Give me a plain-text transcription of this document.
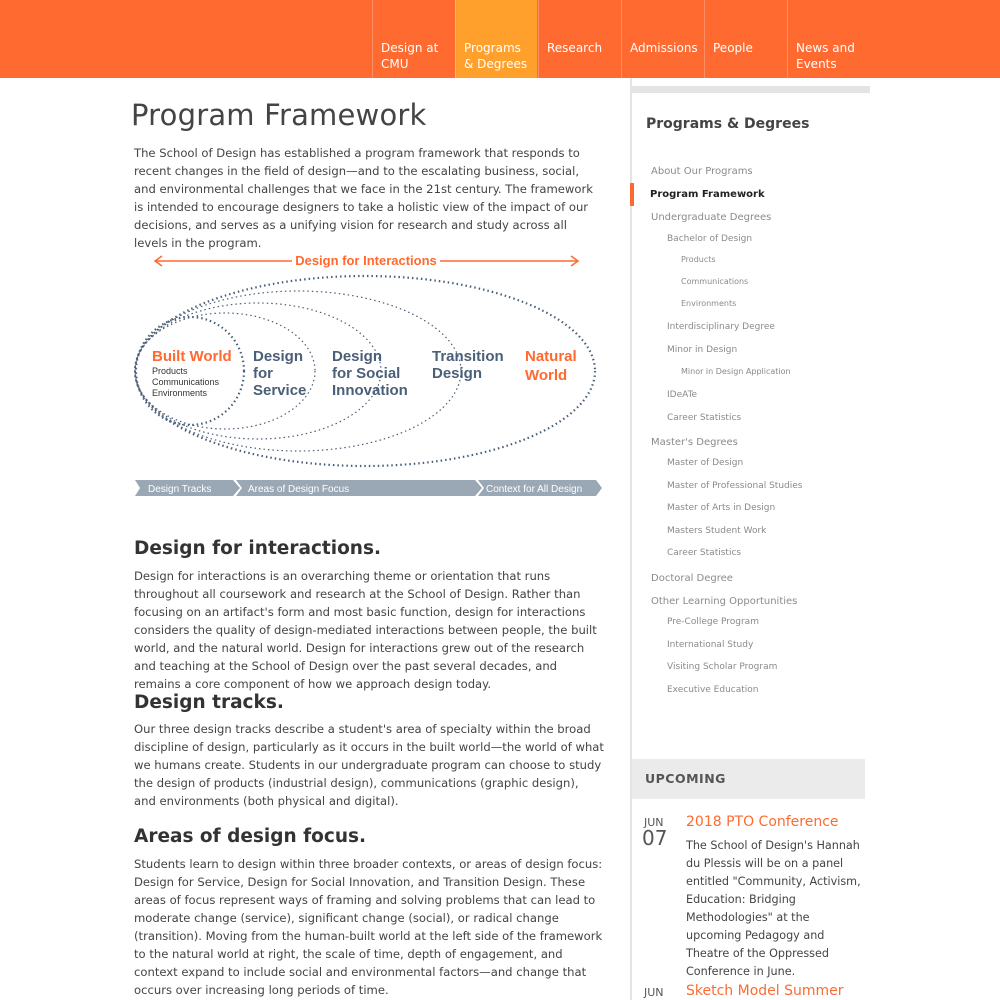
Design at CMU
Programs & Degrees
Research	Admissions	People	News and Events
Program Framework

The School of Design has established a program framework that responds to recent changes in the field of design—and to the escalating business, social, and environmental challenges that we face in the 21st century. The framework is intended to encourage designers to take a holistic view of the impact of our decisions, and serves as a unifying vision for research and study across all levels in the program.

Design for Interactions
Built World
Products
Communications
Environments
Design
for
Service
Design
for Social
Innovation
Transition
Design
Natural
World
Design Tracks	Areas of Design Focus	Context for All Design
Design for interactions.

Design for interactions is an overarching theme or orientation that runs throughout all coursework and research at the School of Design. Rather than focusing on an artifact's form and most basic function, design for interactions considers the quality of design-mediated interactions between people, the built world, and the natural world. Design for interactions grew out of the research and teaching at the School of Design over the past several decades, and remains a core component of how we approach design today.

Design tracks.

Our three design tracks describe a student's area of specialty within the broad discipline of design, particularly as it occurs in the built world—the world of what we humans create. Students in our undergraduate program can choose to study the design of products (industrial design), communications (graphic design), and environments (both physical and digital).

Areas of design focus.

Students learn to design within three broader contexts, or areas of design focus: Design for Service, Design for Social Innovation, and Transition Design. These areas of focus represent ways of framing and solving problems that can lead to moderate change (service), significant change (social), or radical change (transition). Moving from the human-built world at the left side of the framework to the natural world at right, the scale of time, depth of engagement, and context expand to include social and environmental factors—and change that occurs over increasing long periods of time.

Programs & Degrees
About Our Programs
Program Framework
Undergraduate Degrees
Bachelor of Design
Products
Communications
Environments
Interdisciplinary Degree
Minor in Design
Minor in Design Application
IDeATe
Career Statistics
Master's Degrees
Master of Design
Master of Professional Studies
Master of Arts in Design
Masters Student Work
Career Statistics
Doctoral Degree
Other Learning Opportunities
Pre-College Program
International Study
Visiting Scholar Program
Executive Education
UPCOMING
JUN
07
2018 PTO Conference
The School of Design's Hannah du Plessis will be on a panel entitled "Community, Activism, Education: Bridging Methodologies" at the upcoming Pedagogy and Theatre of the Oppressed Conference in June.
JUN Sketch Model Summer
